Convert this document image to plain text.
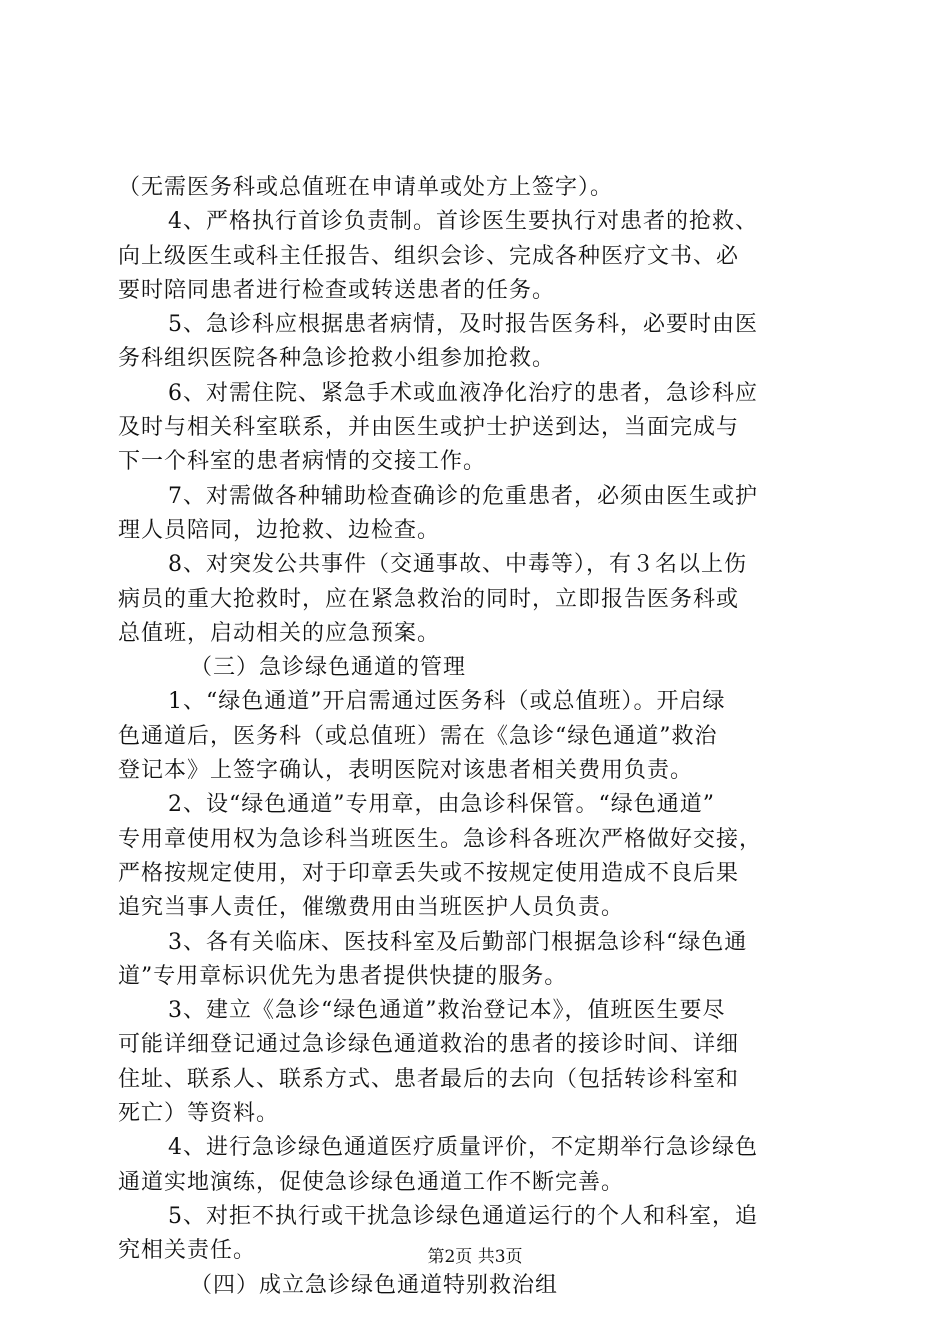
（无需医务科或总值班在申请单或处方上签字）。
4、严格执行首诊负责制。首诊医生要执行对患者的抢救、
向上级医生或科主任报告、组织会诊、完成各种医疗文书、必
要时陪同患者进行检查或转送患者的任务。
5、急诊科应根据患者病情，及时报告医务科，必要时由医
务科组织医院各种急诊抢救小组参加抢救。
6、对需住院、紧急手术或血液净化治疗的患者，急诊科应
及时与相关科室联系，并由医生或护士护送到达，当面完成与
下一个科室的患者病情的交接工作。
7、对需做各种辅助检查确诊的危重患者，必须由医生或护
理人员陪同，边抢救、边检查。
8、对突发公共事件（交通事故、中毒等），有３名以上伤
病员的重大抢救时，应在紧急救治的同时，立即报告医务科或
总值班，启动相关的应急预案。
（三）急诊绿色通道的管理
1、“绿色通道”开启需通过医务科（或总值班）。开启绿
色通道后，医务科（或总值班）需在《急诊“绿色通道”救治
登记本》上签字确认，表明医院对该患者相关费用负责。
2、设“绿色通道”专用章，由急诊科保管。“绿色通道”
专用章使用权为急诊科当班医生。急诊科各班次严格做好交接，
严格按规定使用，对于印章丢失或不按规定使用造成不良后果
追究当事人责任，催缴费用由当班医护人员负责。
3、各有关临床、医技科室及后勤部门根据急诊科“绿色通
道”专用章标识优先为患者提供快捷的服务。
3、建立《急诊“绿色通道”救治登记本》，值班医生要尽
可能详细登记通过急诊绿色通道救治的患者的接诊时间、详细
住址、联系人、联系方式、患者最后的去向（包括转诊科室和
死亡）等资料。
4、进行急诊绿色通道医疗质量评价，不定期举行急诊绿色
通道实地演练，促使急诊绿色通道工作不断完善。
5、对拒不执行或干扰急诊绿色通道运行的个人和科室，追
究相关责任。
（四）成立急诊绿色通道特别救治组
第2页 共3页
